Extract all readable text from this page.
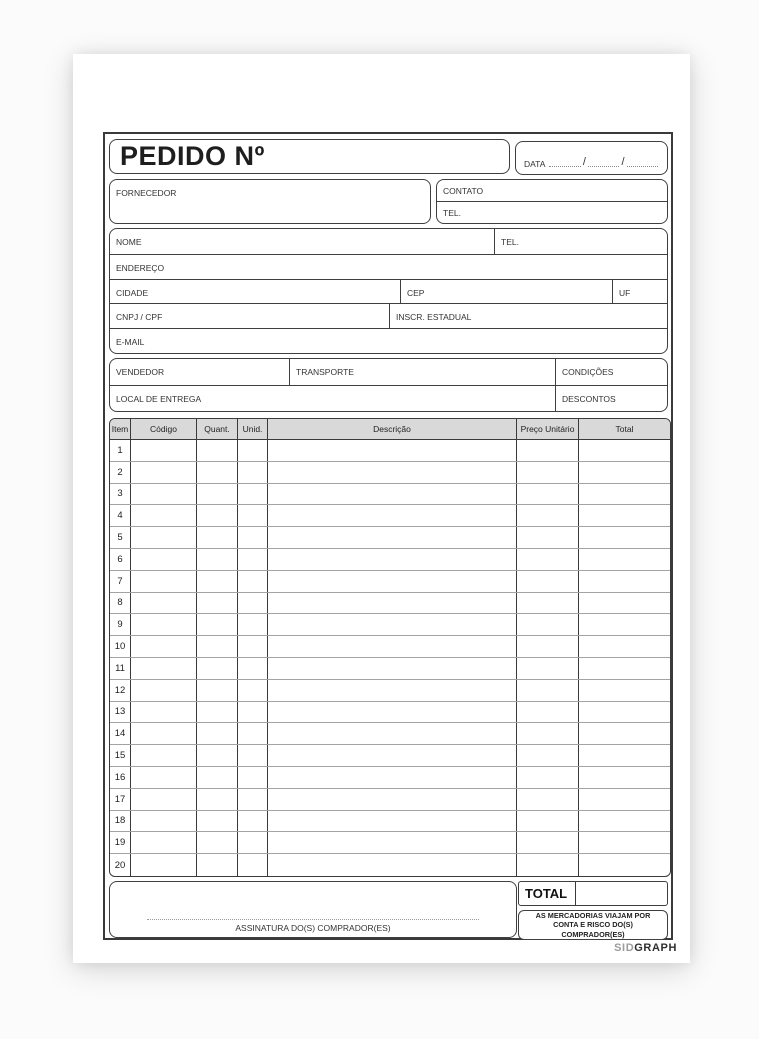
PEDIDO Nº	DATA	/	/
FORNECEDOR	CONTATO
TEL.
NOME	TEL.
ENDEREÇO
CIDADE	CEP	UF
CNPJ / CPF	INSCR. ESTADUAL
E-MAIL
VENDEDOR	TRANSPORTE	CONDIÇÕES
LOCAL DE ENTREGA	DESCONTOS
Item	Código	Quant.	Unid.	Descrição	Preço Unitário	Total
1
2
3
4
5
6
7
8
9
10
11
12
13
14
15
16
17
18
19
20
ASSINATURA DO(S) COMPRADOR(ES)
TOTAL
AS MERCADORIAS VIAJAM POR CONTA E RISCO DO(S) COMPRADOR(ES)
SIDGRAPH
